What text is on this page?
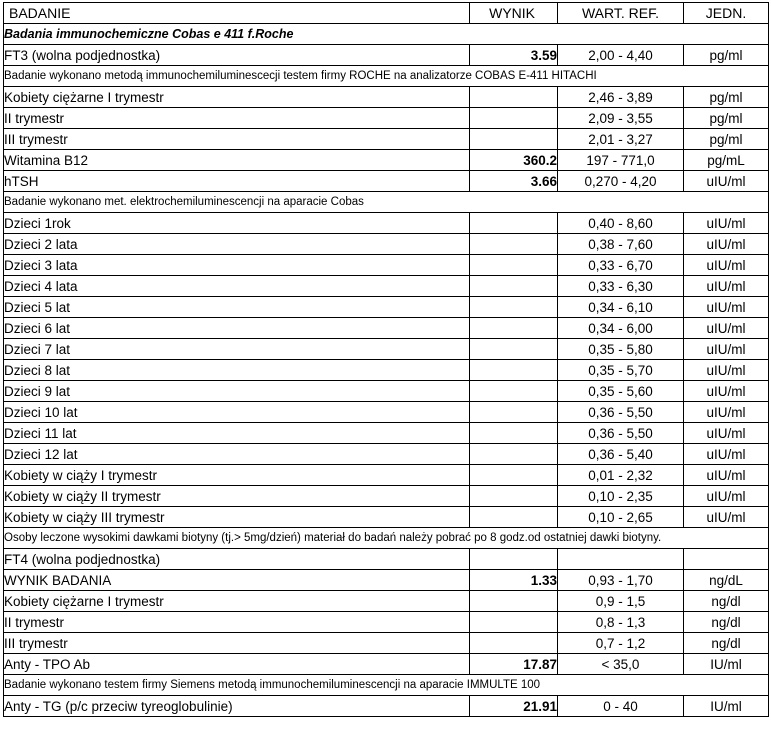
BADANIE	WYNIK	WART. REF.	JEDN.
Badania immunochemiczne Cobas e 411 f.Roche			
FT3 (wolna podjednostka)	3.59	2,00 - 4,40	pg/ml
Badanie wykonano metodą immunochemiluminescecji testem firmy ROCHE na analizatorze COBAS E-411 HITACHI			
Kobiety ciężarne I trymestr		2,46 - 3,89	pg/ml
II trymestr		2,09 - 3,55	pg/ml
III trymestr		2,01 - 3,27	pg/ml
Witamina B12	360.2	197 - 771,0	pg/mL
hTSH	3.66	0,270 - 4,20	uIU/ml
Badanie wykonano met. elektrochemiluminescencji na aparacie Cobas			
Dzieci 1rok		0,40 - 8,60	uIU/ml
Dzieci 2 lata		0,38 - 7,60	uIU/ml
Dzieci 3 lata		0,33 - 6,70	uIU/ml
Dzieci 4 lata		0,33 - 6,30	uIU/ml
Dzieci 5 lat		0,34 - 6,10	uIU/ml
Dzieci 6 lat		0,34 - 6,00	uIU/ml
Dzieci 7 lat		0,35 - 5,80	uIU/ml
Dzieci 8 lat		0,35 - 5,70	uIU/ml
Dzieci 9 lat		0,35 - 5,60	uIU/ml
Dzieci 10 lat		0,36 - 5,50	uIU/ml
Dzieci 11 lat		0,36 - 5,50	uIU/ml
Dzieci 12 lat		0,36 - 5,40	uIU/ml
Kobiety w ciąży I trymestr		0,01 - 2,32	uIU/ml
Kobiety w ciąży II trymestr		0,10 - 2,35	uIU/ml
Kobiety w ciąży III trymestr		0,10 - 2,65	uIU/ml
Osoby leczone wysokimi dawkami biotyny (tj.> 5mg/dzień) materiał do badań należy pobrać po 8 godz.od ostatniej dawki biotyny.			
FT4 (wolna podjednostka)			
WYNIK BADANIA	1.33	0,93 - 1,70	ng/dL
Kobiety ciężarne I trymestr		0,9 - 1,5	ng/dl
II trymestr		0,8 - 1,3	ng/dl
III trymestr		0,7 - 1,2	ng/dl
Anty - TPO Ab	17.87	< 35,0	IU/ml
Badanie wykonano testem firmy Siemens metodą immunochemiluminescencji na aparacie IMMULTE 100			
Anty - TG (p/c przeciw tyreoglobulinie)	21.91	0 - 40	IU/ml
